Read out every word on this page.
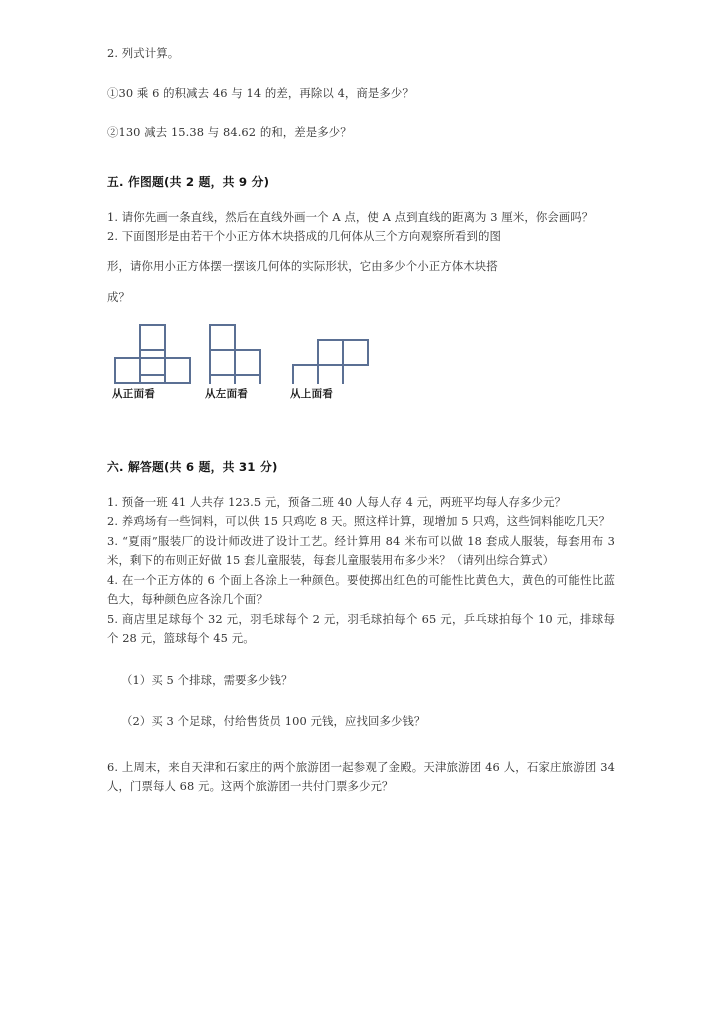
2. 列式计算。

①30 乘 6 的积减去 46 与 14 的差，再除以 4，商是多少？

②130 减去 15.38 与 84.62 的和，差是多少？

五. 作图题(共 2 题，共 9 分)

1. 请你先画一条直线，然后在直线外画一个 A 点，使 A 点到直线的距离为 3 厘米，你会画吗？

2. 下面图形是由若干个小正方体木块搭成的几何体从三个方向观察所看到的图

形，请你用小正方体摆一摆该几何体的实际形状，它由多少个小正方体木块搭

成？

从正面看	从左面看	从上面看

六. 解答题(共 6 题，共 31 分)

1. 预备一班 41 人共存 123.5 元，预备二班 40 人每人存 4 元，两班平均每人存多少元？

2. 养鸡场有一些饲料，可以供 15 只鸡吃 8 天。照这样计算，现增加 5 只鸡，这些饲料能吃几天？

3. “夏雨”服装厂的设计师改进了设计工艺。经计算用 84 米布可以做 18 套成人服装，每套用布 3 米，剩下的布则正好做 15 套儿童服装，每套儿童服装用布多少米？（请列出综合算式）

4. 在一个正方体的 6 个面上各涂上一种颜色。要使掷出红色的可能性比黄色大，黄色的可能性比蓝色大，每种颜色应各涂几个面？

5. 商店里足球每个 32 元，羽毛球每个 2 元，羽毛球拍每个 65 元，乒乓球拍每个 10 元，排球每个 28 元，篮球每个 45 元。

（1）买 5 个排球，需要多少钱？

（2）买 3 个足球，付给售货员 100 元钱，应找回多少钱？

6. 上周末，来自天津和石家庄的两个旅游团一起参观了金殿。天津旅游团 46 人，石家庄旅游团 34 人，门票每人 68 元。这两个旅游团一共付门票多少元？
